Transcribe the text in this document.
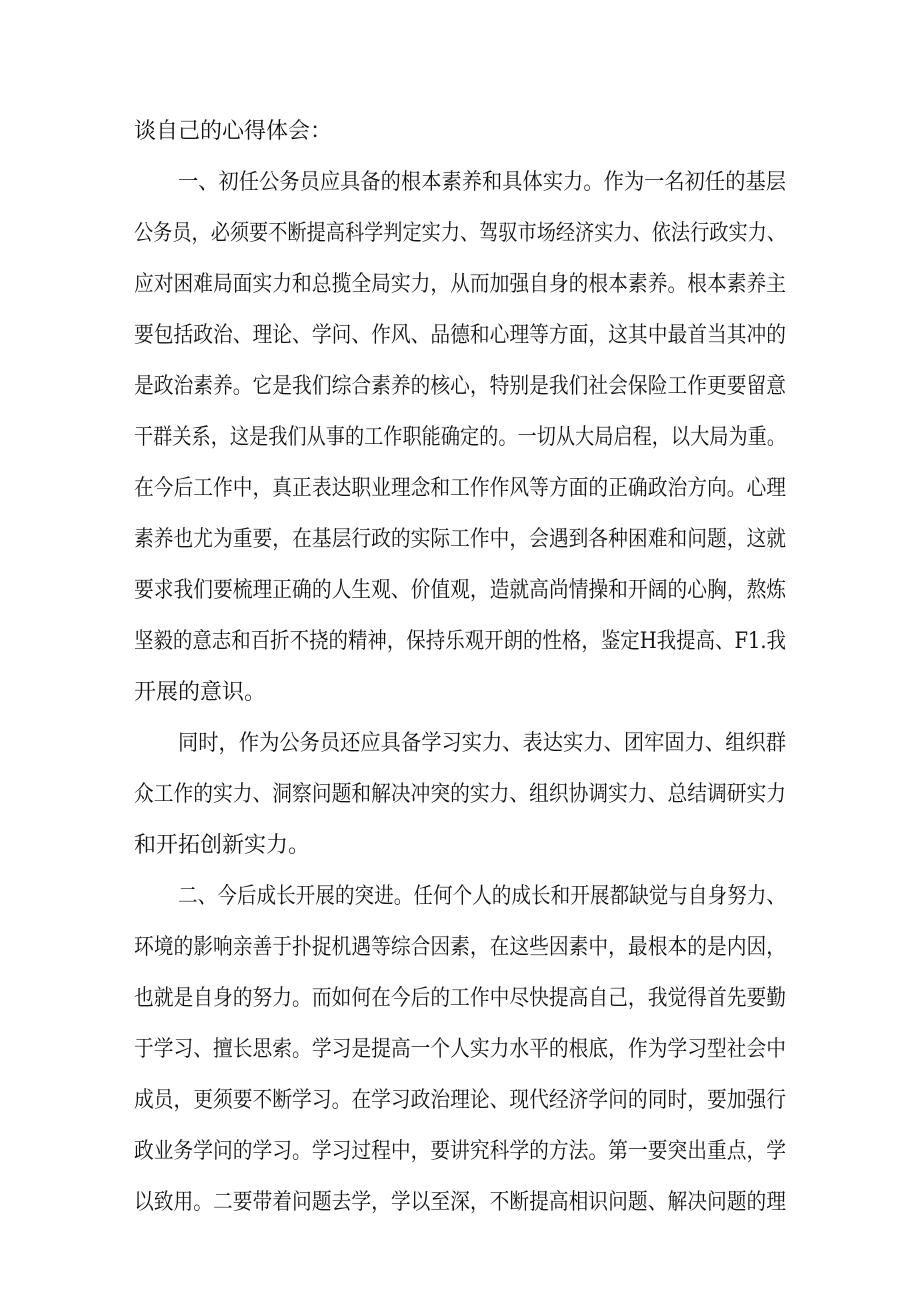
谈自己的心得体会：
一、初任公务员应具备的根本素养和具体实力。作为一名初任的基层
公务员，必须要不断提高科学判定实力、驾驭市场经济实力、依法行政实力、
应对困难局面实力和总揽全局实力，从而加强自身的根本素养。根本素养主
要包括政治、理论、学问、作风、品德和心理等方面，这其中最首当其冲的
是政治素养。它是我们综合素养的核心，特别是我们社会保险工作更要留意
干群关系，这是我们从事的工作职能确定的。一切从大局启程，以大局为重。
在今后工作中，真正表达职业理念和工作作风等方面的正确政治方向。心理
素养也尤为重要，在基层行政的实际工作中，会遇到各种困难和问题，这就
要求我们要梳理正确的人生观、价值观，造就高尚情操和开阔的心胸，熬炼
坚毅的意志和百折不挠的精神，保持乐观开朗的性格，鉴定H我提高、F1.我
开展的意识。
同时，作为公务员还应具备学习实力、表达实力、团牢固力、组织群
众工作的实力、洞察问题和解决冲突的实力、组织协调实力、总结调研实力
和开拓创新实力。
二、今后成长开展的突进。任何个人的成长和开展都缺觉与自身努力、
环境的影响亲善于扑捉机遇等综合因素，在这些因素中，最根本的是内因，
也就是自身的努力。而如何在今后的工作中尽快提高自己，我觉得首先要勤
于学习、擅长思索。学习是提高一个人实力水平的根底，作为学习型社会中
成员，更须要不断学习。在学习政治理论、现代经济学问的同时，要加强行
政业务学问的学习。学习过程中，要讲究科学的方法。第一要突出重点，学
以致用。二要带着问题去学，学以至深，不断提高相识问题、解决问题的理
